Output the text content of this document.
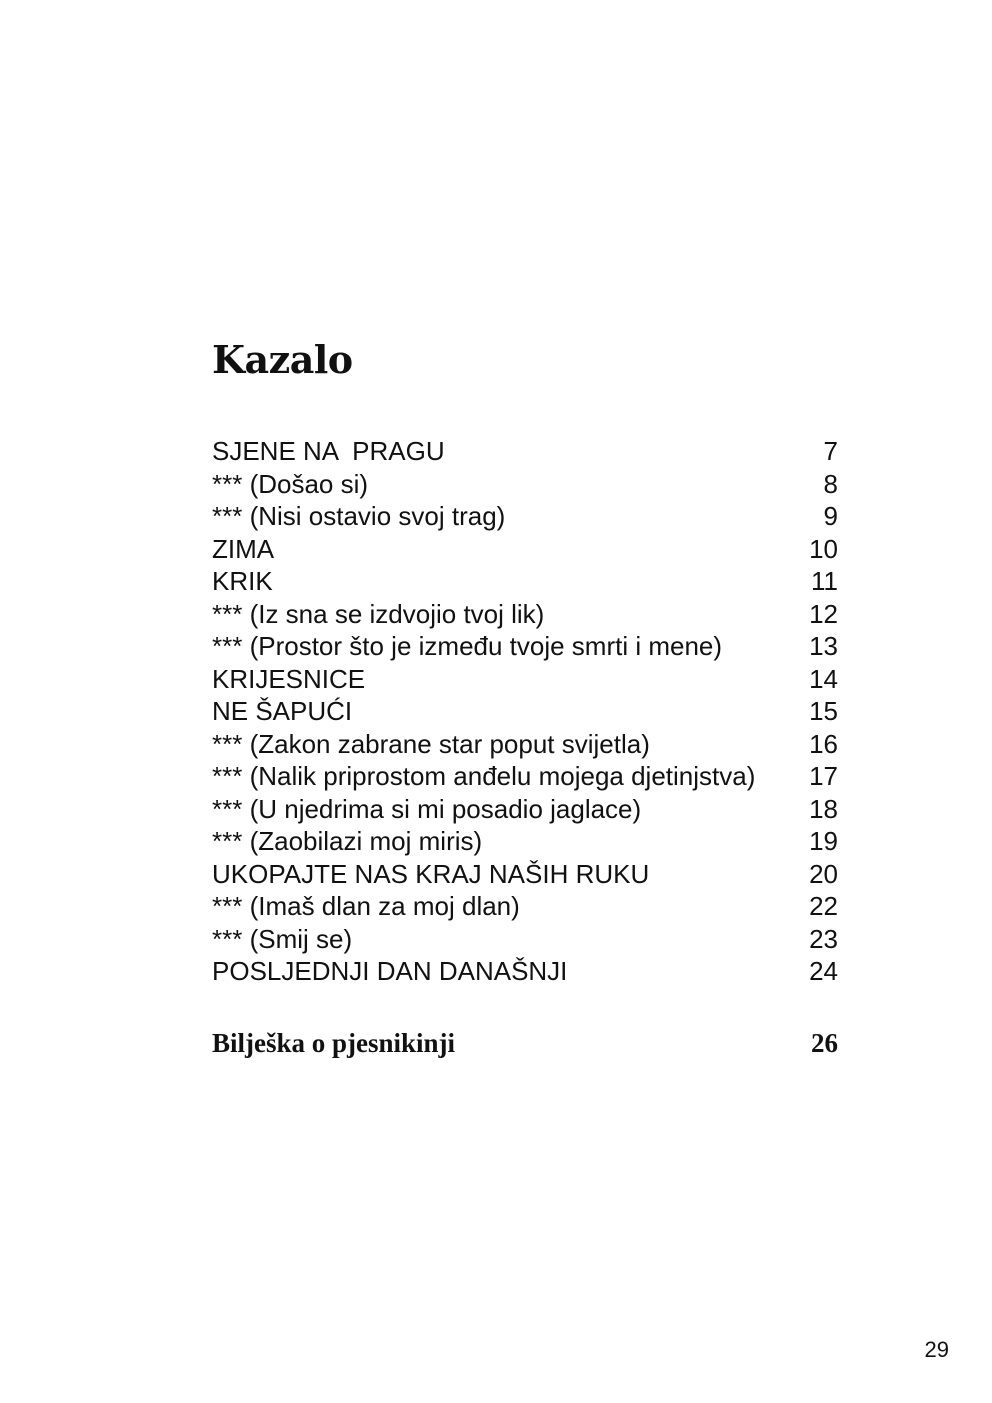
Kazalo
SJENE NA  PRAGU	7
*** (Došao si)	8
*** (Nisi ostavio svoj trag)	9
ZIMA	10
KRIK	11
*** (Iz sna se izdvojio tvoj lik)	12
*** (Prostor što je između tvoje smrti i mene)	13
KRIJESNICE	14
NE ŠAPUĆI	15
*** (Zakon zabrane star poput svijetla)	16
*** (Nalik priprostom anđelu mojega djetinjstva) 17
*** (U njedrima si mi posadio jaglace)	18
*** (Zaobilazi moj miris)	19
UKOPAJTE NAS KRAJ NAŠIH RUKU	20
*** (Imaš dlan za moj dlan)	22
*** (Smij se)	23
POSLJEDNJI DAN DANAŠNJI	24
Bilješka o pjesnikinji	26
29
